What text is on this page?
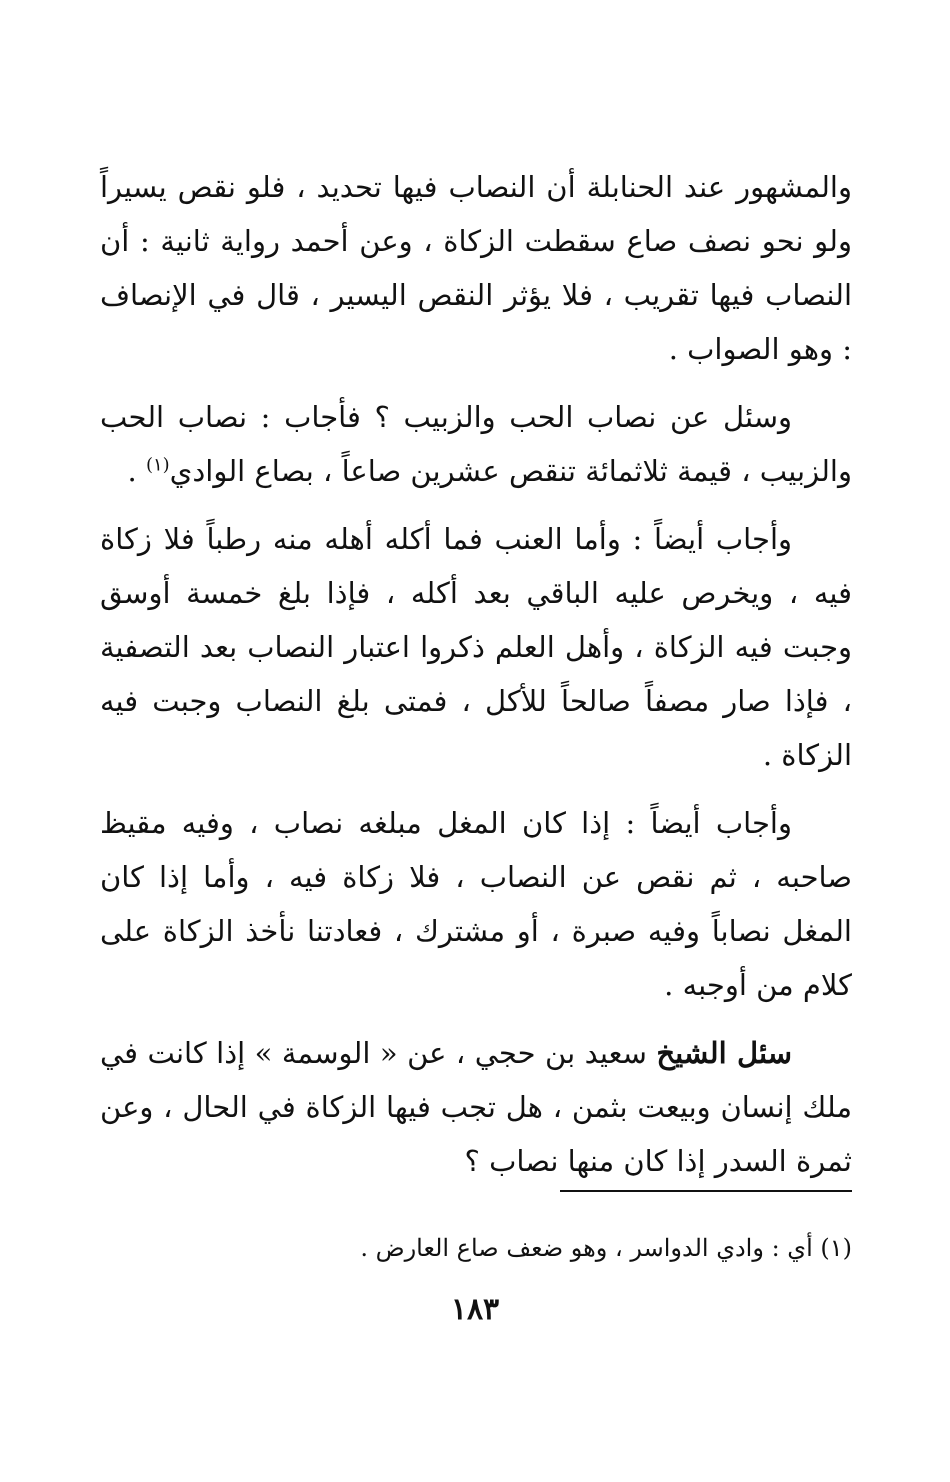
والمشهور عند الحنابلة أن النصاب فيها تحديد ، فلو نقص يسيراً ولو نحو نصف صاع سقطت الزكاة ، وعن أحمد رواية ثانية : أن النصاب فيها تقريب ، فلا يؤثر النقص اليسير ، قال في الإنصاف : وهو الصواب .

وسئل عن نصاب الحب والزبيب ؟ فأجاب : نصاب الحب والزبيب ، قيمة ثلاثمائة تنقص عشرين صاعاً ، بصاع الوادي$^{(١)}$ .

وأجاب أيضاً : وأما العنب فما أكله أهله منه رطباً فلا زكاة فيه ، ويخرص عليه الباقي بعد أكله ، فإذا بلغ خمسة أوسق وجبت فيه الزكاة ، وأهل العلم ذكروا اعتبار النصاب بعد التصفية ، فإذا صار مصفاً صالحاً للأكل ، فمتى بلغ النصاب وجبت فيه الزكاة .

وأجاب أيضاً : إذا كان المغل مبلغه نصاب ، وفيه مقيظ صاحبه ، ثم نقص عن النصاب ، فلا زكاة فيه ، وأما إذا كان المغل نصاباً وفيه صبرة ، أو مشترك ، فعادتنا نأخذ الزكاة على كلام من أوجبه .

سئل الشيخ سعيد بن حجي ، عن « الوسمة » إذا كانت في ملك إنسان وبيعت بثمن ، هل تجب فيها الزكاة في الحال ، وعن ثمرة السدر إذا كان منها نصاب ؟

(١) أي : وادي الدواسر ، وهو ضعف صاع العارض .
١٨٣
